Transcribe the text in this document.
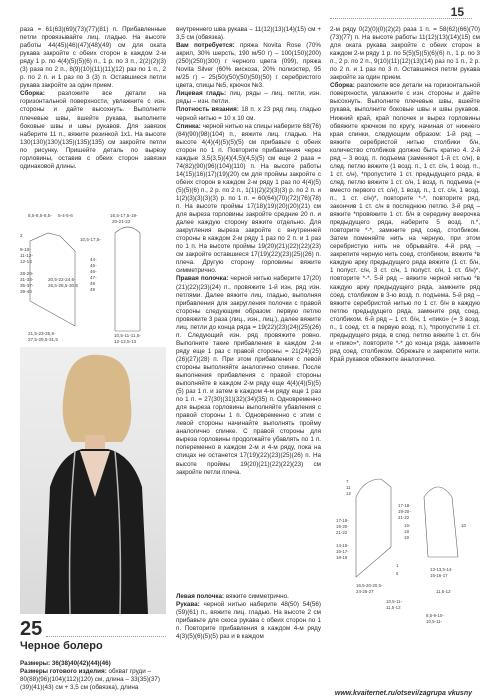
15

раза = 61(63)(69)(73)(77)(81) п. Прибавленные петли провязывайте лиц. гладью. На высоте работы 44(45)(46)(47)(48)(49) см для оката рукава закройте с обеих сторон в каждом 2-м ряду 1 р. по 4(4)(5)(5)(6) п., 1 р. по 3 п., 2(2)(2)(3)(3) раза по 2 п., 8(9)(10)(11)(11)(12) раз по 1 п., 2 р. по 2 п. и 1 раз по 3 (3) п. Оставшиеся петли рукава закройте за один прием.

Сборка: разложите все детали на горизонтальной поверхности, увлажните с изн. стороны и дайте высохнуть. Выполните плечевые швы, вшейте рукава, выполните боковые швы и швы рукавов. Для завязок наберите 11 п., вяжите резинкой 1х1. На высоте 130(130)(130)(135)(135)(135) см закройте петли по рисунку. Пришейте деталь по вырезу горловины, оставив с обеих сторон завязки одинаковой длины.

8,5-8,5-8,5- 5-4-5-6	16,5-17,5-19-
20-21-22
10,5-17,5-
20,5-22-24,5-
26,5-28,5-30,5
44-
45-
46-
47-
48
49
2
9-10-
11-12-
12-13
28-29-
31-33-
35-37-
39-40
21,5-23-25,5-
27,5-29,5-31,5
10,5-11-11,5-
12-12,5-13
25
Черное болеро
Размеры: 36(38)40(42)(44)(46)
Размеры готового изделия: обхват груди – 80(88)(96)(104)(112)(120) см, длина – 33(35)(37)(39)(41)(43) см + 3,5 см (обвязка), длина

внутреннего шва рукава – 11(12)(13)(14)(15) см + 3,5 см (обвязка).

Вам потребуется: пряжа Novita Rose (70% акрил, 30% шерсть, 190 м/50 г) – 100(150)(200)(250)(250)(300) г черного цвета (099), пряжа Novita Silver (60% вискоза, 20% полиэстер, 95 м/25 г) – 25(50)(50)(50)(50)(50) г серебристого цвета, спицы №5, крючок №3.

Лицевая гладь: лиц. ряды – лиц. петли, изн. ряды – изн. петли.

Плотность вязания: 18 п. х 23 ряд лиц. гладью черной нитью = 10 х 10 см.

Спинка: черной нитью на спицы наберите 68(76)(84)(90)(98)(104) п., вяжите лиц. гладью. На высоте 4(4)(4)(5)(5)(5) см прибавьте с обеих сторон по 1 п. Повторите прибавления через каждые 3,5(3,5)(4)(4,5)(4,5)(5) см еще 2 раза = 74(82)(90)(96)(104)(110) п. На высоте работы 14(15)(16)(17)(19)(20) см для проймы закройте с обеих сторон в каждом 2-м ряду 1 раз по 4(4)(5)(5)(5)(6) п., 2 р. по 2 п., 1(1)(2)(2)(3)(3) р. по 2 п. и 1(2)(3)(3)(3)(3) р. по 1 п. = 60(64)(70)(72)(76)(78) п. На высоте проймы 17(18)(19)(20)(20)(21) см для выреза горловины закройте средние 20 п. и далее каждую сторону вяжите отдельно. Для закругления выреза закройте с внутренней стороны в каждом 2-м ряду 1 раз по 2 п. и 1 раз по 1 п. На высоте проймы 19(20)(21)(22)(22)(23) см закройте оставшиеся 17(19)(22)(23)(25)(26) п. плеча. Другую сторону горловины вяжите симметрично.

Правая полочка: черной нитью наберите 17(20)(21)(22)(23)(24) п., провяжите 1-й изн. ряд изн. петлями. Далее вяжите лиц. гладью, выполняя прибавления для закругления полочки с правой стороны следующим образом: первую петлю провяжите 3 раза (лиц., изн., лиц.), далее вяжите лиц. петли до конца ряда = 19(22)(23)(24)(25)(26) п. Следующий изн. ряд провяжите ровно. Выполните такие прибавления в каждом 2-м ряду еще 1 раз с правой стороны = 21(24)(25)(26)(27)(28) п. При этом прибавления с левой стороны выполняйте аналогично спинке. После выполнения прибавления с правой стороны выполняйте в каждом 2-м ряду еще 4(4)(4)(5)(5)(5) раз 1 п. и затем в каждом 4-м ряду еще 1 раз по 1 п. = 27(30)(31)(32)(34)(35) п. Одновременно для выреза горловины выполняйте убавления с правой стороны 1 п. Одновременно с этим с левой стороны начинайте выполнять пройму аналогично спинке. С правой стороны для выреза горловины продолжайте убавлять по 1 п. попеременно в каждом 2-м и 4-м ряду, пока на спицах не останется 17(19)(22)(23)(25)(26) п. На высоте проймы 19(20)(21)(22)(22)(23) см закройте петли плеча.

Левая полочка: вяжите симметрично.

Рукава: черной нитью наберите 48(50) 54(56)(59)(61) п., вяжите лиц. гладью. На высоте 2 см прибавьте для скоса рукава с обеих сторон по 1 п. Повторите прибавления в каждом 4-м ряду 4(3)(5)(6)(5)(5) раз и в каждом

2-м ряду 0(2)(0)(0)(2)(2) раза 1 п. = 58(62)(66)(70)(73)(77) п. На высоте работы 11(12)(13)(14)(15) см для оката рукава закройте с обеих сторон в каждом 2-м ряду 1 р. по 5(5)(5)(5)(6)(6) п., 1 р. по 3 п., 2 р. по 2 п., 9(10)(11)(12)(13)(14) раз по 1 п., 2 р. по 2 п. и 1 раз по 3 п. Оставшиеся петли рукава закройте за один прием.

Сборка: разложите все детали на горизонтальной поверхности, увлажните с изн. стороны и дайте высохнуть. Выполните плечевые швы, вшейте рукава, выполните боковые швы и швы рукавов. Нижний край, край полочек и вырез горловины обвяжите крючком по кругу, начиная от нижнего края спинки, следующим образом: 1-й ряд – вяжите серебристой нитью столбики б/н, количество столбиков должно быть кратно 4. 2-й ряд – 3 возд. п. подъема (заменяют 1-й ст. с/н), в след. петлю вяжите (1 возд. п., 1 ст. с/н, 1 возд. п., 1 ст. с/н), *пропустите 1 ст. предыдущего ряда, в след. петлю вяжите 1 ст. с/н, 1 возд. п. подъема (= вместо первого ст. с/н), 1 возд. п., 1 ст. с/н, 1 возд. п., 1 ст. с/н)*, повторите *-*, повторите ряд, закончив 1 ст. с/н в последнюю петлю. 3-й ряд – вяжите *провяжите 1 ст. б/н в середину веерочка предыдущего ряда, наберите 5 возд. п.*, повторите *-*, замкните ряд соед. столбиком. Затем поменяйте нить на черную, при этом серебристую нить не обрывайте. 4-й ряд – закрепите черную нить соед. столбиком, вяжите *в каждую арку предыдущего ряда вяжите (1 ст. б/н, 1 полуст. с/н, 3 ст. с/н, 1 полуст. с/н, 1 ст. б/н)*, повторите *-*. 5-й ряд – вяжите черной нитью *в каждую арку предыдущего ряда, замкните ряд соед. столбиком в 3-ю возд. п. подъема. 5-й ряд – вяжите серебристой нитью по 1 ст. б/н в каждую петлю предыдущего ряда, замкните ряд соед. столбиком. 6-й ряд – 1 ст. б/н, 1 «пико» (= 3 возд. п., 1 соед. ст. в первую возд. п.), *пропустите 1 ст. предыдущего ряда, в след. петлю вяжите 1 ст. б/н и «пико»*, повторите *-* до конца ряда, замкните ряд соед. столбиком. Обрежьте и закрепите нити. Край рукавов обвяжите аналогично.

17-18-
19-20-
21-22
14-15-
16-17-
18-19
13-13,5-14-
15-16-17
17-18-
19-20-
21-22
16,5-20-20,5-
24-25-27
1
5
10,5-11-
11,5-12
16-
18
19
7
11
12
10
8,5-9-10-
10,5-11-
11,5-12
www.kvaiternet.ru/otsevi/zagrupa vkusny
